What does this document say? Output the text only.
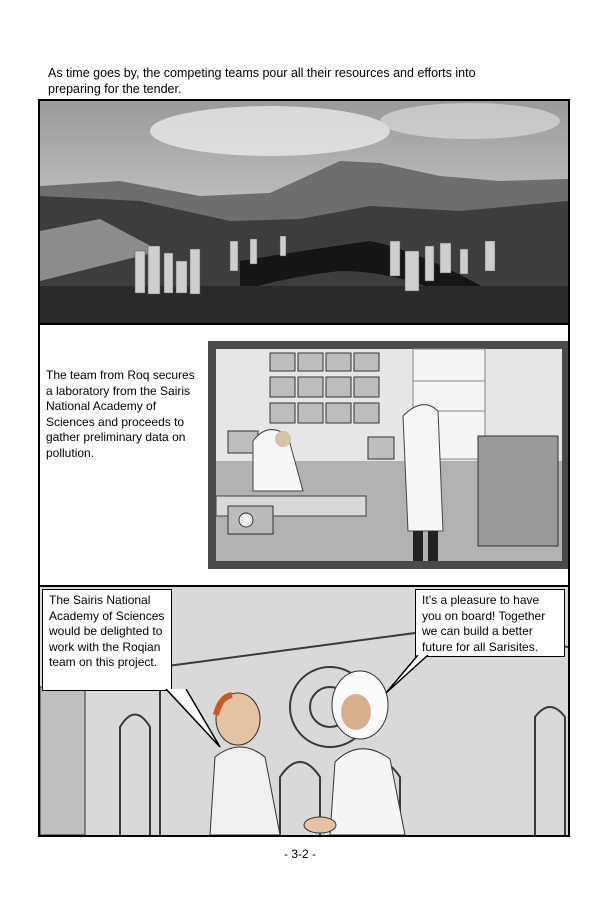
As time goes by, the competing teams pour all their resources and efforts into preparing for the tender.
The team from Roq secures a laboratory from the Sairis National Academy of Sciences and proceeds to gather preliminary data on pollution.
The Sairis National Academy of Sciences would be delighted to work with the Roqian team on this project.
It’s a pleasure to have you on board! Together we can build a better future for all Sarisites.
- 3-2 -
